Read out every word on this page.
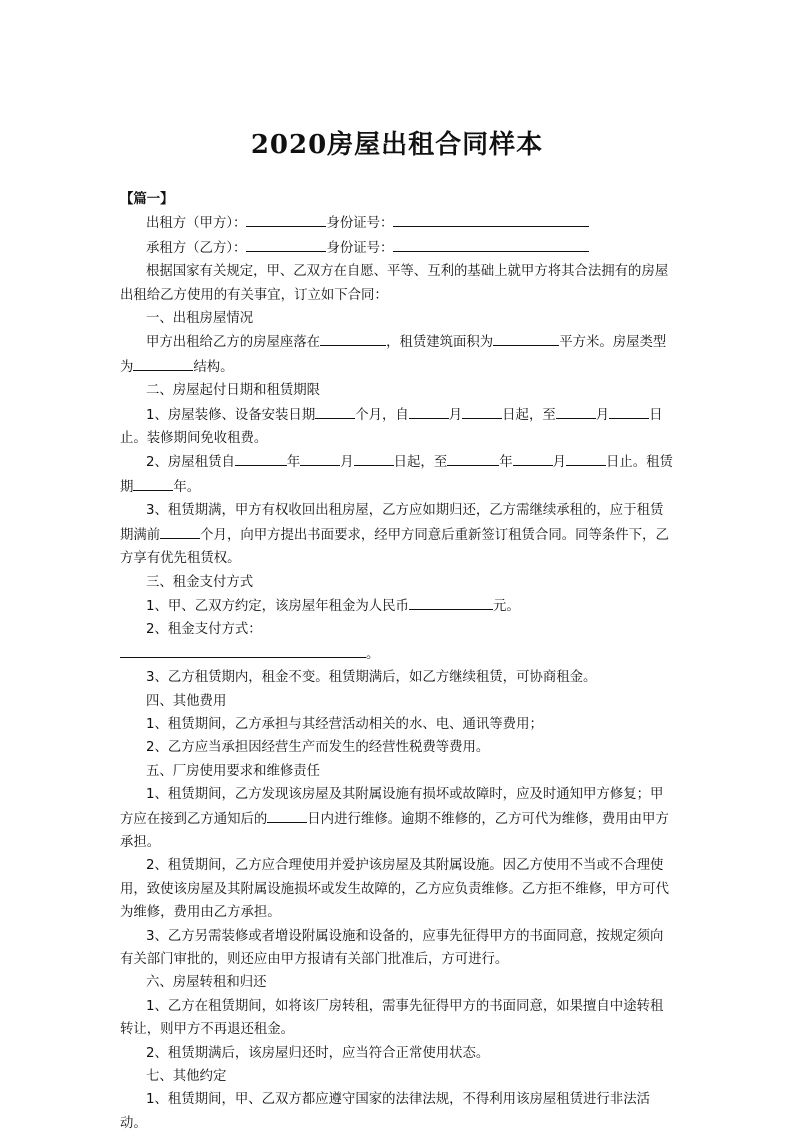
2020房屋出租合同样本

【篇一】

出租方（甲方）：	身份证号：

承租方（乙方）：	身份证号：

根据国家有关规定，甲、乙双方在自愿、平等、互利的基础上就甲方将其合法拥有的房屋出租给乙方使用的有关事宜，订立如下合同：

一、出租房屋情况

甲方出租给乙方的房屋座落在	，租赁建筑面积为	平方米。房屋类型为	结构。

二、房屋起付日期和租赁期限

1、房屋装修、设备安装日期	个月，自	月	日起，至	月	日止。装修期间免收租费。

2、房屋租赁自	年	月	日起，至	年	月	日止。租赁期	年。

3、租赁期满，甲方有权收回出租房屋，乙方应如期归还，乙方需继续承租的，应于租赁期满前	个月，向甲方提出书面要求，经甲方同意后重新签订租赁合同。同等条件下，乙方享有优先租赁权。

三、租金支付方式

1、甲、乙双方约定，该房屋年租金为人民币	元。

2、租金支付方式：

。

3、乙方租赁期内，租金不变。租赁期满后，如乙方继续租赁，可协商租金。

四、其他费用

1、租赁期间，乙方承担与其经营活动相关的水、电、通讯等费用；

2、乙方应当承担因经营生产而发生的经营性税费等费用。

五、厂房使用要求和维修责任

1、租赁期间，乙方发现该房屋及其附属设施有损坏或故障时，应及时通知甲方修复；甲方应在接到乙方通知后的	日内进行维修。逾期不维修的，乙方可代为维修，费用由甲方承担。

2、租赁期间，乙方应合理使用并爱护该房屋及其附属设施。因乙方使用不当或不合理使用，致使该房屋及其附属设施损坏或发生故障的，乙方应负责维修。乙方拒不维修，甲方可代为维修，费用由乙方承担。

3、乙方另需装修或者增设附属设施和设备的，应事先征得甲方的书面同意，按规定须向有关部门审批的，则还应由甲方报请有关部门批准后，方可进行。

六、房屋转租和归还

1、乙方在租赁期间，如将该厂房转租，需事先征得甲方的书面同意，如果擅自中途转租转让，则甲方不再退还租金。

2、租赁期满后，该房屋归还时，应当符合正常使用状态。

七、其他约定

1、租赁期间，甲、乙双方都应遵守国家的法律法规，不得利用该房屋租赁进行非法活动。
